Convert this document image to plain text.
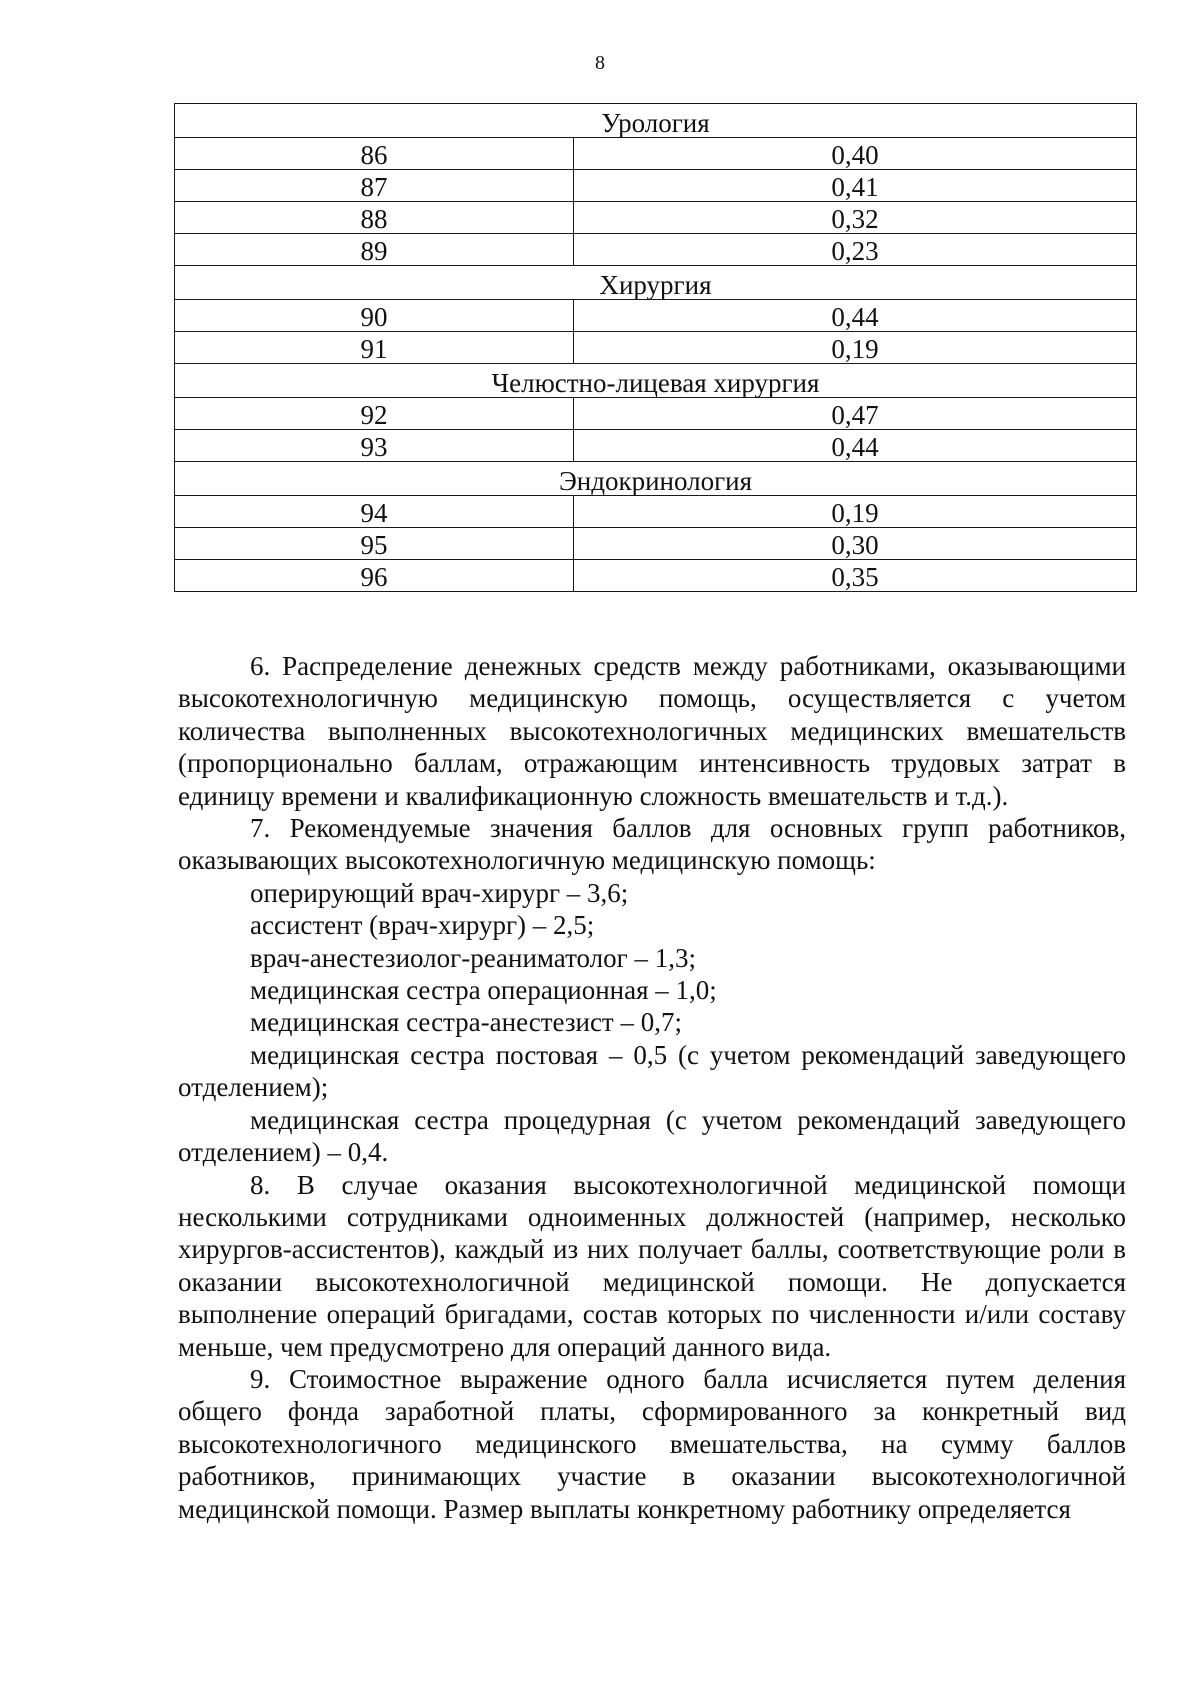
8
Урология	
86	0,40
87	0,41
88	0,32
89	0,23
Хирургия	
90	0,44
91	0,19
Челюстно-лицевая хирургия	
92	0,47
93	0,44
Эндокринология	
94	0,19
95	0,30
96	0,35

6. Распределение денежных средств между работниками, оказывающими высокотехнологичную медицинскую помощь, осуществляется с учетом количества выполненных высокотехнологичных медицинских вмешательств (пропорционально баллам, отражающим интенсивность трудовых затрат в единицу времени и квалификационную сложность вмешательств и т.д.).

7. Рекомендуемые значения баллов для основных групп работников, оказывающих высокотехнологичную медицинскую помощь:

оперирующий врач-хирург – 3,6;

ассистент (врач-хирург) – 2,5;

врач-анестезиолог-реаниматолог – 1,3;

медицинская сестра операционная – 1,0;

медицинская сестра-анестезист – 0,7;

медицинская сестра постовая – 0,5 (с учетом рекомендаций заведующего отделением);

медицинская сестра процедурная (с учетом рекомендаций заведующего отделением) – 0,4.

8. В случае оказания высокотехнологичной медицинской помощи несколькими сотрудниками одноименных должностей (например, несколько хирургов-ассистентов), каждый из них получает баллы, соответствующие роли в оказании высокотехнологичной медицинской помощи. Не допускается выполнение операций бригадами, состав которых по численности и/или составу меньше, чем предусмотрено для операций данного вида.

9. Стоимостное выражение одного балла исчисляется путем деления общего фонда заработной платы, сформированного за конкретный вид высокотехнологичного медицинского вмешательства, на сумму баллов работников, принимающих участие в оказании высокотехнологичной медицинской помощи. Размер выплаты конкретному работнику определяется
